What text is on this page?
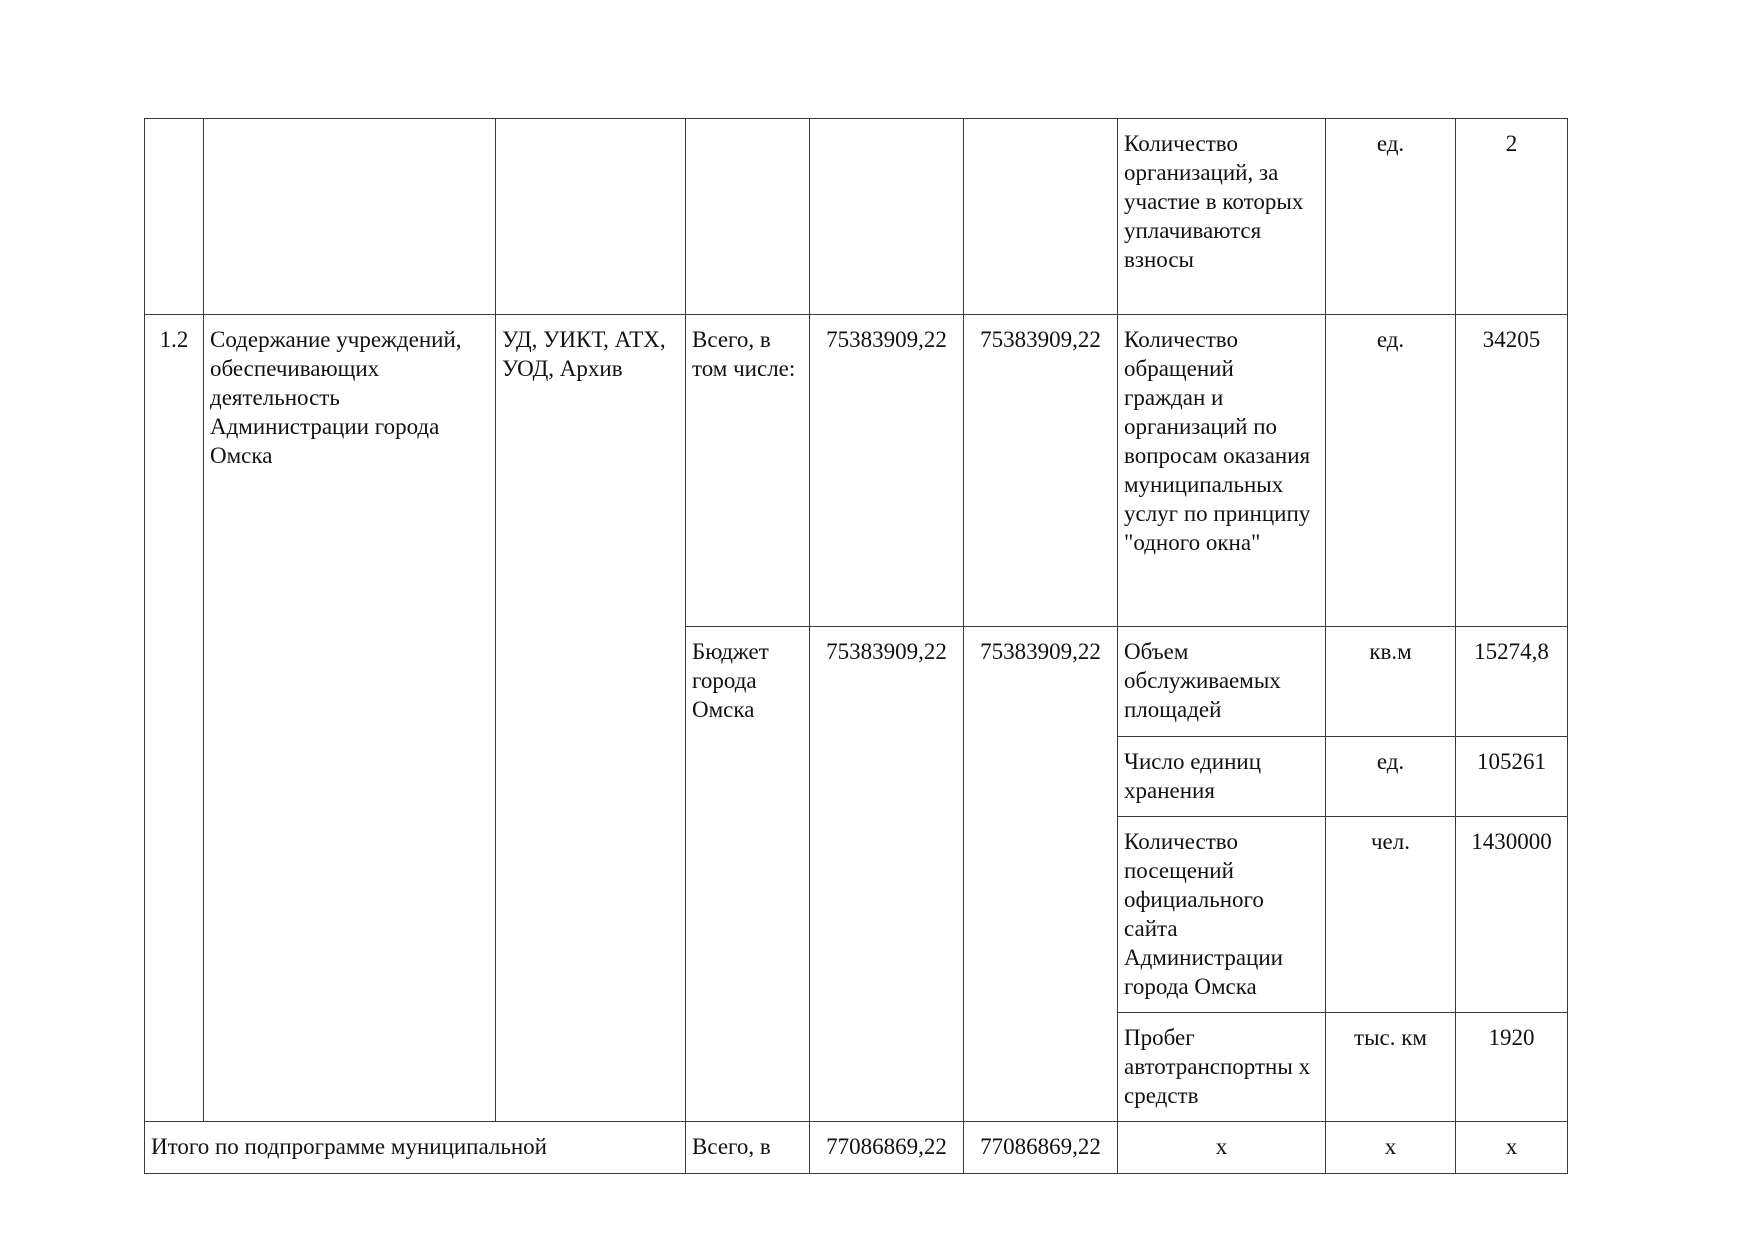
						Количество организаций, за участие в которых уплачиваются взносы	ед.	2
1.2	Содержание учреждений, обеспечивающих деятельность Администрации города Омска	УД, УИКТ, АТХ, УОД, Архив	Всего, в том числе:	75383909,22	75383909,22	Количество обращений граждан и организаций по вопросам оказания муниципальных услуг по принципу "одного окна"	ед.	34205
			Бюджет города Омска	75383909,22	75383909,22	Объем обслуживаемых площадей	кв.м	15274,8
						Число единиц хранения	ед.	105261
						Количество посещений официального сайта Администрации города Омска	чел.	1430000
						Пробег автотранспортны х средств	тыс. км	1920
Итого по подпрограмме муниципальной			Всего, в	77086869,22	77086869,22	x	x	x
